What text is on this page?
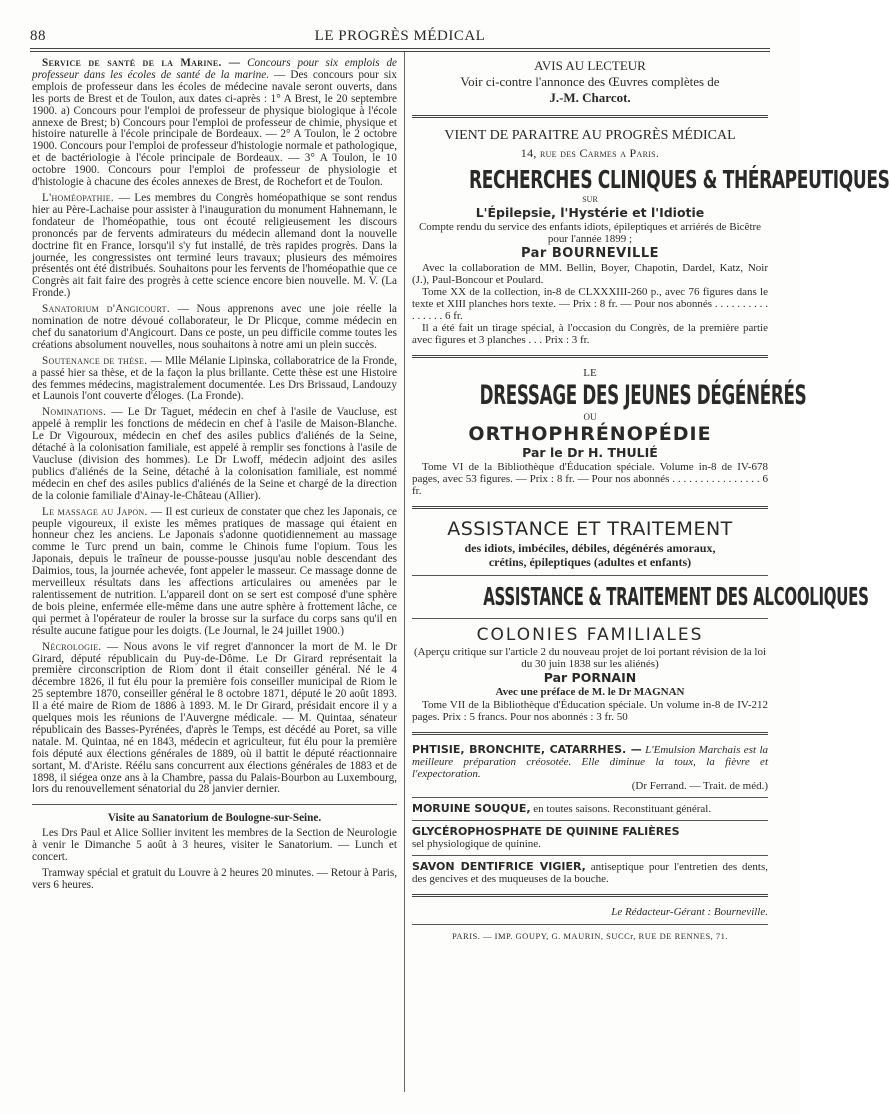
88	LE PROGRÈS MÉDICAL

Service de santé de la Marine. — Concours pour six emplois de professeur dans les écoles de santé de la marine. — Des concours pour six emplois de professeur dans les écoles de médecine navale seront ouverts, dans les ports de Brest et de Toulon, aux dates ci-après : 1° A Brest, le 20 septembre 1900. a) Concours pour l'emploi de professeur de physique biologique à l'école annexe de Brest; b) Concours pour l'emploi de professeur de chimie, physique et histoire naturelle à l'école principale de Bordeaux. — 2° A Toulon, le 2 octobre 1900. Concours pour l'emploi de professeur d'histologie normale et pathologique, et de bactériologie à l'école principale de Bordeaux. — 3° A Toulon, le 10 octobre 1900. Concours pour l'emploi de professeur de physiologie et d'histologie à chacune des écoles annexes de Brest, de Rochefort et de Toulon.

L'homéopathie. — Les membres du Congrès homéopathique se sont rendus hier au Père-Lachaise pour assister à l'inauguration du monument Hahnemann, le fondateur de l'homéopathie, tous ont écouté religieusement les discours prononcés par de fervents admirateurs du médecin allemand dont la nouvelle doctrine fit en France, lorsqu'il s'y fut installé, de très rapides progrès. Dans la journée, les congressistes ont terminé leurs travaux; plusieurs des mémoires présentés ont été distribués. Souhaitons pour les fervents de l'homéopathie que ce Congrès ait fait faire des progrès à cette science encore bien nouvelle. M. V. (La Fronde.)

Sanatorium d'Angicourt. — Nous apprenons avec une joie réelle la nomination de notre dévoué collaborateur, le Dr Plicque, comme médecin en chef du sanatorium d'Angicourt. Dans ce poste, un peu difficile comme toutes les créations absolument nouvelles, nous souhaitons à notre ami un plein succès.

Soutenance de thèse. — Mlle Mélanie Lipinska, collaboratrice de la Fronde, a passé hier sa thèse, et de la façon la plus brillante. Cette thèse est une Histoire des femmes médecins, magistralement documentée. Les Drs Brissaud, Landouzy et Launois l'ont couverte d'éloges. (La Fronde).

Nominations. — Le Dr Taguet, médecin en chef à l'asile de Vaucluse, est appelé à remplir les fonctions de médecin en chef à l'asile de Maison-Blanche. Le Dr Vigouroux, médecin en chef des asiles publics d'aliénés de la Seine, détaché à la colonisation familiale, est appelé à remplir ses fonctions à l'asile de Vaucluse (division des hommes). Le Dr Lwoff, médecin adjoint des asiles publics d'aliénés de la Seine, détaché à la colonisation familiale, est nommé médecin en chef des asiles publics d'aliénés de la Seine et chargé de la direction de la colonie familiale d'Ainay-le-Château (Allier).

Le massage au Japon. — Il est curieux de constater que chez les Japonais, ce peuple vigoureux, il existe les mêmes pratiques de massage qui étaient en honneur chez les anciens. Le Japonais s'adonne quotidiennement au massage comme le Turc prend un bain, comme le Chinois fume l'opium. Tous les Japonais, depuis le traîneur de pousse-pousse jusqu'au noble descendant des Daimios, tous, la journée achevée, font appeler le masseur. Ce massage donne de merveilleux résultats dans les affections articulaires ou amenées par le ralentissement de nutrition. L'appareil dont on se sert est composé d'une sphère de bois pleine, enfermée elle-même dans une autre sphère à frottement lâche, ce qui permet à l'opérateur de rouler la brosse sur la surface du corps sans qu'il en résulte aucune fatigue pour les doigts. (Le Journal, le 24 juillet 1900.)

Nécrologie. — Nous avons le vif regret d'annoncer la mort de M. le Dr Girard, député républicain du Puy-de-Dôme. Le Dr Girard représentait la première circonscription de Riom dont il était conseiller général. Né le 4 décembre 1826, il fut élu pour la première fois conseiller municipal de Riom le 25 septembre 1870, conseiller général le 8 octobre 1871, député le 20 août 1893. Il a été maire de Riom de 1886 à 1893. M. le Dr Girard, présidait encore il y a quelques mois les réunions de l'Auvergne médicale. — M. Quintaa, sénateur républicain des Basses-Pyrénées, d'après le Temps, est décédé au Poret, sa ville natale. M. Quintaa, né en 1843, médecin et agriculteur, fut élu pour la première fois député aux élections générales de 1889, où il battit le député réactionnaire sortant, M. d'Ariste. Réélu sans concurrent aux élections générales de 1883 et de 1898, il siégea onze ans à la Chambre, passa du Palais-Bourbon au Luxembourg, lors du renouvellement sénatorial du 28 janvier dernier.

Visite au Sanatorium de Boulogne-sur-Seine.

Les Drs Paul et Alice Sollier invitent les membres de la Section de Neurologie à venir le Dimanche 5 août à 3 heures, visiter le Sanatorium. — Lunch et concert.

Tramway spécial et gratuit du Louvre à 2 heures 20 minutes. — Retour à Paris, vers 6 heures.

AVIS AU LECTEUR
Voir ci-contre l'annonce des Œuvres complètes de
J.-M. Charcot.
VIENT DE PARAITRE AU PROGRÈS MÉDICAL
14, rue des Carmes a Paris.
RECHERCHES CLINIQUES & THÉRAPEUTIQUES
SUR
L'Épilepsie, l'Hystérie et l'Idiotie
Compte rendu du service des enfants idiots, épileptiques et arriérés de Bicêtre pour l'année 1899 ;
Par BOURNEVILLE
Avec la collaboration de MM. Bellin, Boyer, Chapotin, Dardel, Katz, Noir (J.), Paul-Boncour et Poulard.
Tome XX de la collection, in-8 de CLXXXIII-260 p., avec 76 figures dans le texte et XIII planches hors texte. — Prix : 8 fr. — Pour nos abonnés . . . . . . . . . . . . . . . . 6 fr.
Il a été fait un tirage spécial, à l'occasion du Congrès, de la première partie avec figures et 3 planches . . . Prix : 3 fr.
LE
DRESSAGE DES JEUNES DÉGÉNÉRÉS
OU
ORTHOPHRÉNOPÉDIE
Par le Dr H. THULIÉ
Tome VI de la Bibliothèque d'Éducation spéciale. Volume in-8 de IV-678 pages, avec 53 figures. — Prix : 8 fr. — Pour nos abonnés . . . . . . . . . . . . . . . . 6 fr.
ASSISTANCE ET TRAITEMENT
des idiots, imbéciles, débiles, dégénérés amoraux,
crétins, épileptiques (adultes et enfants)
ASSISTANCE & TRAITEMENT DES ALCOOLIQUES
COLONIES FAMILIALES
(Aperçu critique sur l'article 2 du nouveau projet de loi portant révision de la loi du 30 juin 1838 sur les aliénés)
Par PORNAIN
Avec une préface de M. le Dr MAGNAN
Tome VII de la Bibliothèque d'Éducation spéciale. Un volume in-8 de IV-212 pages. Prix : 5 francs. Pour nos abonnés : 3 fr. 50
PHTISIE, BRONCHITE, CATARRHES. — L'Emulsion Marchais est la meilleure préparation créosotée. Elle diminue la toux, la fièvre et l'expectoration.
(Dr Ferrand. — Trait. de méd.)
MORUINE SOUQUE, en toutes saisons. Reconstituant général.
GLYCÉROPHOSPHATE DE QUININE FALIÈRES
sel physiologique de quinine.
SAVON DENTIFRICE VIGIER, antiseptique pour l'entretien des dents, des gencives et des muqueuses de la bouche.
Le Rédacteur-Gérant : Bourneville.
PARIS. — IMP. GOUPY, G. MAURIN, SUCCr, RUE DE RENNES, 71.
